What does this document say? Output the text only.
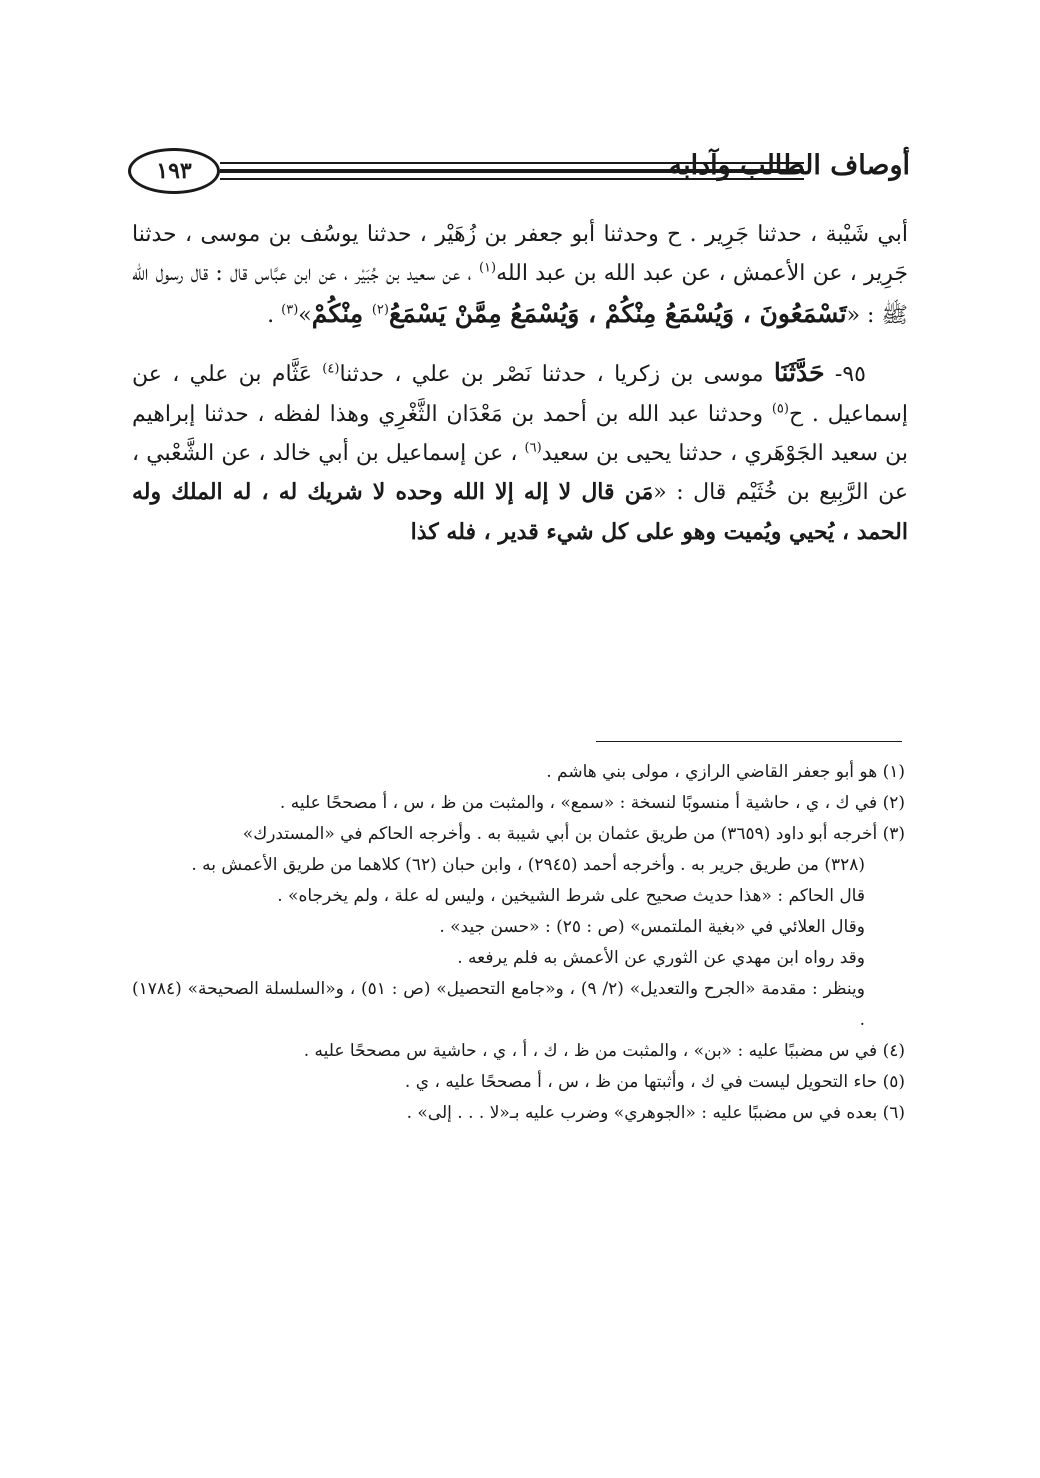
١٩٣	أوصاف الطالب وآدابه

أبي شَيْبة ، حدثنا جَرِير . ح وحدثنا أبو جعفر بن زُهَيْر ، حدثنا يوسُف بن موسى ، حدثنا جَرِير ، عن الأعمش ، عن عبد الله بن عبد الله$^{(١)}$ ، عن سعيد بن جُبَيْر ، عن ابن عبَّاس قال : قال رسول الله ﷺ : «تَسْمَعُونَ ، وَيُسْمَعُ مِنْكُمْ ، وَيُسْمَعُ مِمَّنْ يَسْمَعُ$^{(٢)}$ مِنْكُمْ»$^{(٣)}$ .

٩٥- حَدَّثَنَا موسى بن زكريا ، حدثنا نَصْر بن علي ، حدثنا$^{(٤)}$ عَثَّام بن علي ، عن إسماعيل . ح$^{(٥)}$ وحدثنا عبد الله بن أحمد بن مَعْدَان الثَّغْرِي وهذا لفظه ، حدثنا إبراهيم بن سعيد الجَوْهَري ، حدثنا يحيى بن سعيد$^{(٦)}$ ، عن إسماعيل بن أبي خالد ، عن الشَّعْبي ، عن الرَّبِيع بن خُثَيْم قال : «مَن قال لا إله إلا الله وحده لا شريك له ، له الملك وله الحمد ، يُحيي ويُميت وهو على كل شيء قدير ، فله كذا

(١) هو أبو جعفر القاضي الرازي ، مولى بني هاشم .

(٢) في ك ، ي ، حاشية أ منسوبًا لنسخة : «سمع» ، والمثبت من ظ ، س ، أ مصححًا عليه .

(٣) أخرجه أبو داود (٣٦٥٩) من طريق عثمان بن أبي شيبة به . وأخرجه الحاكم في «المستدرك»

(٣٢٨) من طريق جرير به . وأخرجه أحمد (٢٩٤٥) ، وابن حبان (٦٢) كلاهما من طريق الأعمش به .

قال الحاكم : «هذا حديث صحيح على شرط الشيخين ، وليس له علة ، ولم يخرجاه» .

وقال العلائي في «بغية الملتمس» (ص : ٢٥) : «حسن جيد» .

وقد رواه ابن مهدي عن الثوري عن الأعمش به فلم يرفعه .

وينظر : مقدمة «الجرح والتعديل» (٢/ ٩) ، و«جامع التحصيل» (ص : ٥١) ، و«السلسلة الصحيحة» (١٧٨٤) .

(٤) في س مضببًا عليه : «بن» ، والمثبت من ظ ، ك ، أ ، ي ، حاشية س مصححًا عليه .

(٥) حاء التحويل ليست في ك ، وأثبتها من ظ ، س ، أ مصححًا عليه ، ي .

(٦) بعده في س مضببًا عليه : «الجوهري» وضرب عليه بـ«لا . . . إلى» .
